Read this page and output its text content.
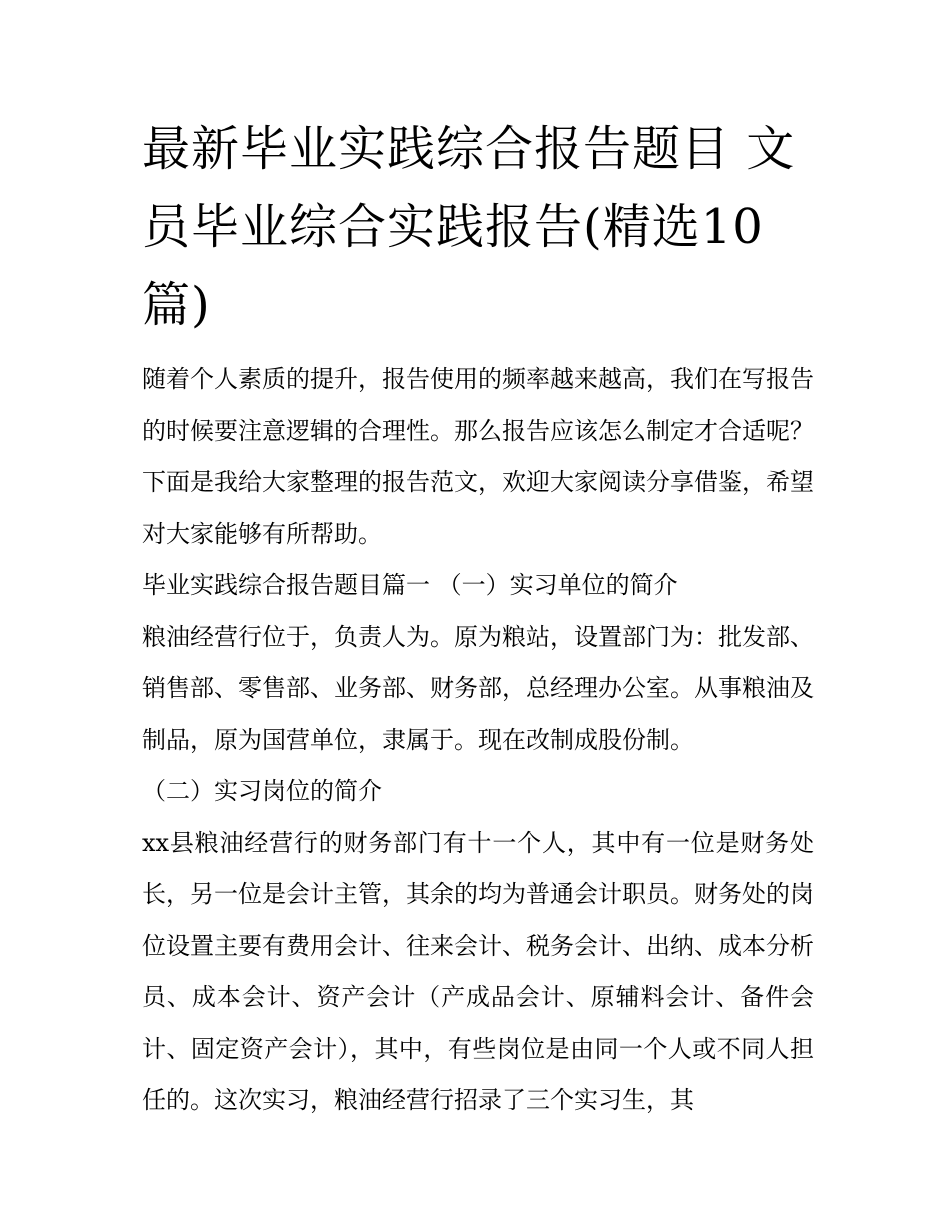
最新毕业实践综合报告题目 文员毕业综合实践报告(精选10篇)

随着个人素质的提升，报告使用的频率越来越高，我们在写报告的时候要注意逻辑的合理性。那么报告应该怎么制定才合适呢？下面是我给大家整理的报告范文，欢迎大家阅读分享借鉴，希望对大家能够有所帮助。

毕业实践综合报告题目篇一 （一）实习单位的简介

粮油经营行位于，负责人为。原为粮站，设置部门为：批发部、销售部、零售部、业务部、财务部，总经理办公室。从事粮油及制品，原为国营单位，隶属于。现在改制成股份制。

（二）实习岗位的简介

xx县粮油经营行的财务部门有十一个人，其中有一位是财务处长，另一位是会计主管，其余的均为普通会计职员。财务处的岗位设置主要有费用会计、往来会计、税务会计、出纳、成本分析员、成本会计、资产会计（产成品会计、原辅料会计、备件会计、固定资产会计），其中，有些岗位是由同一个人或不同人担任的。这次实习，粮油经营行招录了三个实习生，其
